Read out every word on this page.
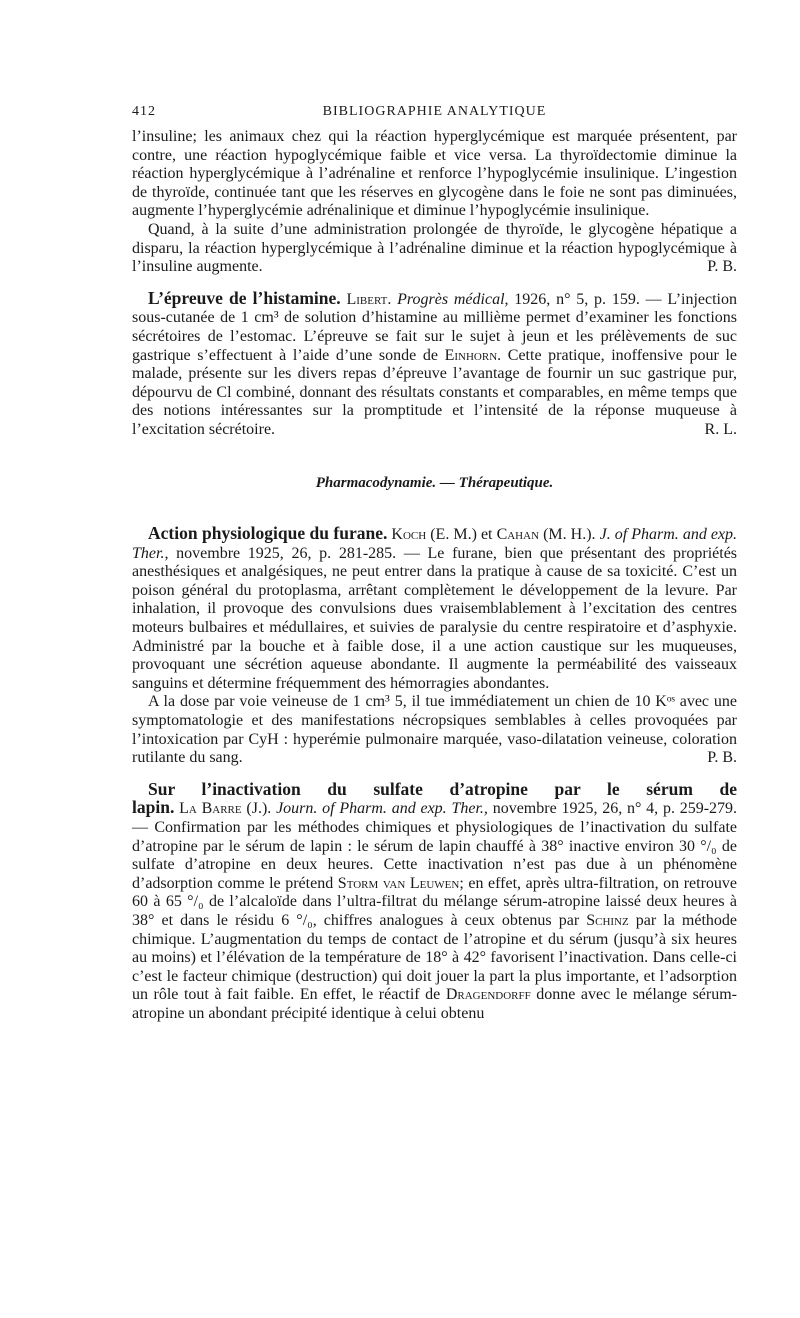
412	BIBLIOGRAPHIE ANALYTIQUE

l’insuline; les animaux chez qui la réaction hyperglycémique est marquée présentent, par contre, une réaction hypoglycémique faible et vice versa. La thyroïdectomie diminue la réaction hyperglycémique à l’adrénaline et renforce l’hypoglycémie insulinique. L’ingestion de thyroïde, continuée tant que les réserves en glycogène dans le foie ne sont pas diminuées, augmente l’hyperglycémie adrénalinique et diminue l’hypoglycémie insulinique.

Quand, à la suite d’une administration prolongée de thyroïde, le glycogène hépatique a disparu, la réaction hyperglycémique à l’adrénaline diminue et la réaction hypoglycémique à l’insuline augmente.	P. B.

L’épreuve de l’histamine. Libert. Progrès médical, 1926, n° 5, p. 159. — L’injection sous-cutanée de 1 cm³ de solution d’histamine au millième permet d’examiner les fonctions sécrétoires de l’estomac. L’épreuve se fait sur le sujet à jeun et les prélèvements de suc gastrique s’effectuent à l’aide d’une sonde de Einhorn. Cette pratique, inoffensive pour le malade, présente sur les divers repas d’épreuve l’avantage de fournir un suc gastrique pur, dépourvu de Cl combiné, donnant des résultats constants et comparables, en même temps que des notions intéressantes sur la promptitude et l’intensité de la réponse muqueuse à l’excitation sécrétoire.	R. L.

Pharmacodynamie. — Thérapeutique.

Action physiologique du furane. Koch (E. M.) et Cahan (M. H.). J. of Pharm. and exp. Ther., novembre 1925, 26, p. 281-285. — Le furane, bien que présentant des propriétés anesthésiques et analgésiques, ne peut entrer dans la pratique à cause de sa toxicité. C’est un poison général du protoplasma, arrêtant complètement le développement de la levure. Par inhalation, il provoque des convulsions dues vraisemblablement à l’excitation des centres moteurs bulbaires et médullaires, et suivies de paralysie du centre respiratoire et d’asphyxie. Administré par la bouche et à faible dose, il a une action caustique sur les muqueuses, provoquant une sécrétion aqueuse abondante. Il augmente la perméabilité des vaisseaux sanguins et détermine fréquemment des hémorragies abondantes.

A la dose par voie veineuse de 1 cm³ 5, il tue immédiatement un chien de 10 Kᵒˢ avec une symptomatologie et des manifestations nécropsiques semblables à celles provoquées par l’intoxication par CyH : hyperémie pulmonaire marquée, vaso-dilatation veineuse, coloration rutilante du sang.	P. B.

Sur l’inactivation du sulfate d’atropine par le sérum de

lapin. La Barre (J.). Journ. of Pharm. and exp. Ther., novembre 1925, 26, n° 4, p. 259-279. — Confirmation par les méthodes chimiques et physiologiques de l’inactivation du sulfate d’atropine par le sérum de lapin : le sérum de lapin chauffé à 38° inactive environ 30 °/₀ de sulfate d’atropine en deux heures. Cette inactivation n’est pas due à un phénomène d’adsorption comme le prétend Storm van Leuwen; en effet, après ultra-filtration, on retrouve 60 à 65 °/₀ de l’alcaloïde dans l’ultra-filtrat du mélange sérum-atropine laissé deux heures à 38° et dans le résidu 6 °/₀, chiffres analogues à ceux obtenus par Schinz par la méthode chimique. L’augmentation du temps de contact de l’atropine et du sérum (jusqu’à six heures au moins) et l’élévation de la température de 18° à 42° favorisent l’inactivation. Dans celle-ci c’est le facteur chimique (destruction) qui doit jouer la part la plus importante, et l’adsorption un rôle tout à fait faible. En effet, le réactif de Dragendorff donne avec le mélange sérum-atropine un abondant précipité identique à celui obtenu
